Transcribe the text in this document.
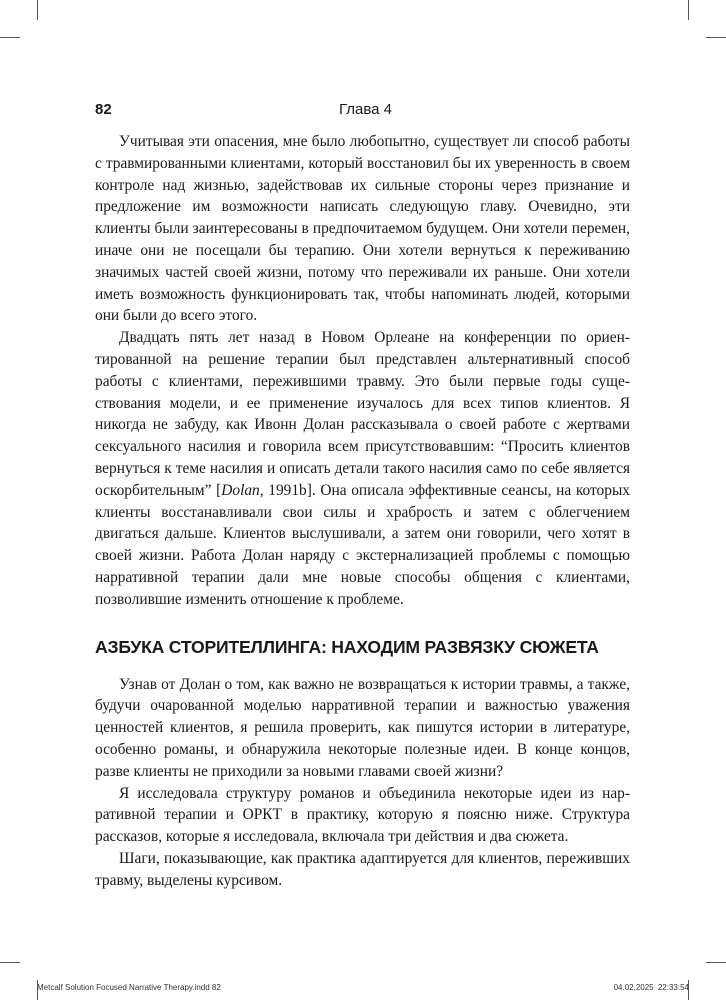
82	Глава 4

Учитывая эти опасения, мне было любопытно, существует ли способ работы с травмированными клиентами, который восстановил бы их уверенность в своем контроле над жизнью, задействовав их сильные стороны через признание и предложение им возможности написать следующую главу. Очевидно, эти клиенты были заинтересованы в предпочитаемом будущем. Они хотели перемен, иначе они не посещали бы терапию. Они хотели вернуться к переживанию значимых частей своей жизни, потому что переживали их раньше. Они хотели иметь возможность функционировать так, чтобы напоминать людей, которыми они были до всего этого.

Двадцать пять лет назад в Новом Орлеане на конференции по ориентированной на решение терапии был представлен альтернативный способ работы с клиентами, пережившими травму. Это были первые годы существования модели, и ее применение изучалось для всех типов клиентов. Я никогда не забуду, как Ивонн Долан рассказывала о своей работе с жертвами сексуального насилия и говорила всем присутствовавшим: “Просить клиентов вернуться к теме насилия и описать детали такого насилия само по себе является оскорбительным” [Dolan, 1991b]. Она описала эффективные сеансы, на которых клиенты восстанавливали свои силы и храбрость и затем с облегчением двигаться дальше. Клиентов выслушивали, а затем они говорили, чего хотят в своей жизни. Работа Долан наряду с экстернализацией проблемы с помощью нарративной терапии дали мне новые способы общения с клиентами, позволившие изменить отношение к проблеме.

АЗБУКА СТОРИТЕЛЛИНГА: НАХОДИМ РАЗВЯЗКУ СЮЖЕТА

Узнав от Долан о том, как важно не возвращаться к истории травмы, а также, будучи очарованной моделью нарративной терапии и важностью уважения ценностей клиентов, я решила проверить, как пишутся истории в литературе, особенно романы, и обнаружила некоторые полезные идеи. В конце концов, разве клиенты не приходили за новыми главами своей жизни?

Я исследовала структуру романов и объединила некоторые идеи из нарративной терапии и ОРКТ в практику, которую я поясню ниже. Структура рассказов, которые я исследовала, включала три действия и два сюжета.

Шаги, показывающие, как практика адаптируется для клиентов, переживших травму, выделены курсивом.

Metcalf Solution Focused Narrative Therapy.indd 82	04.02.2025 22:33:54
